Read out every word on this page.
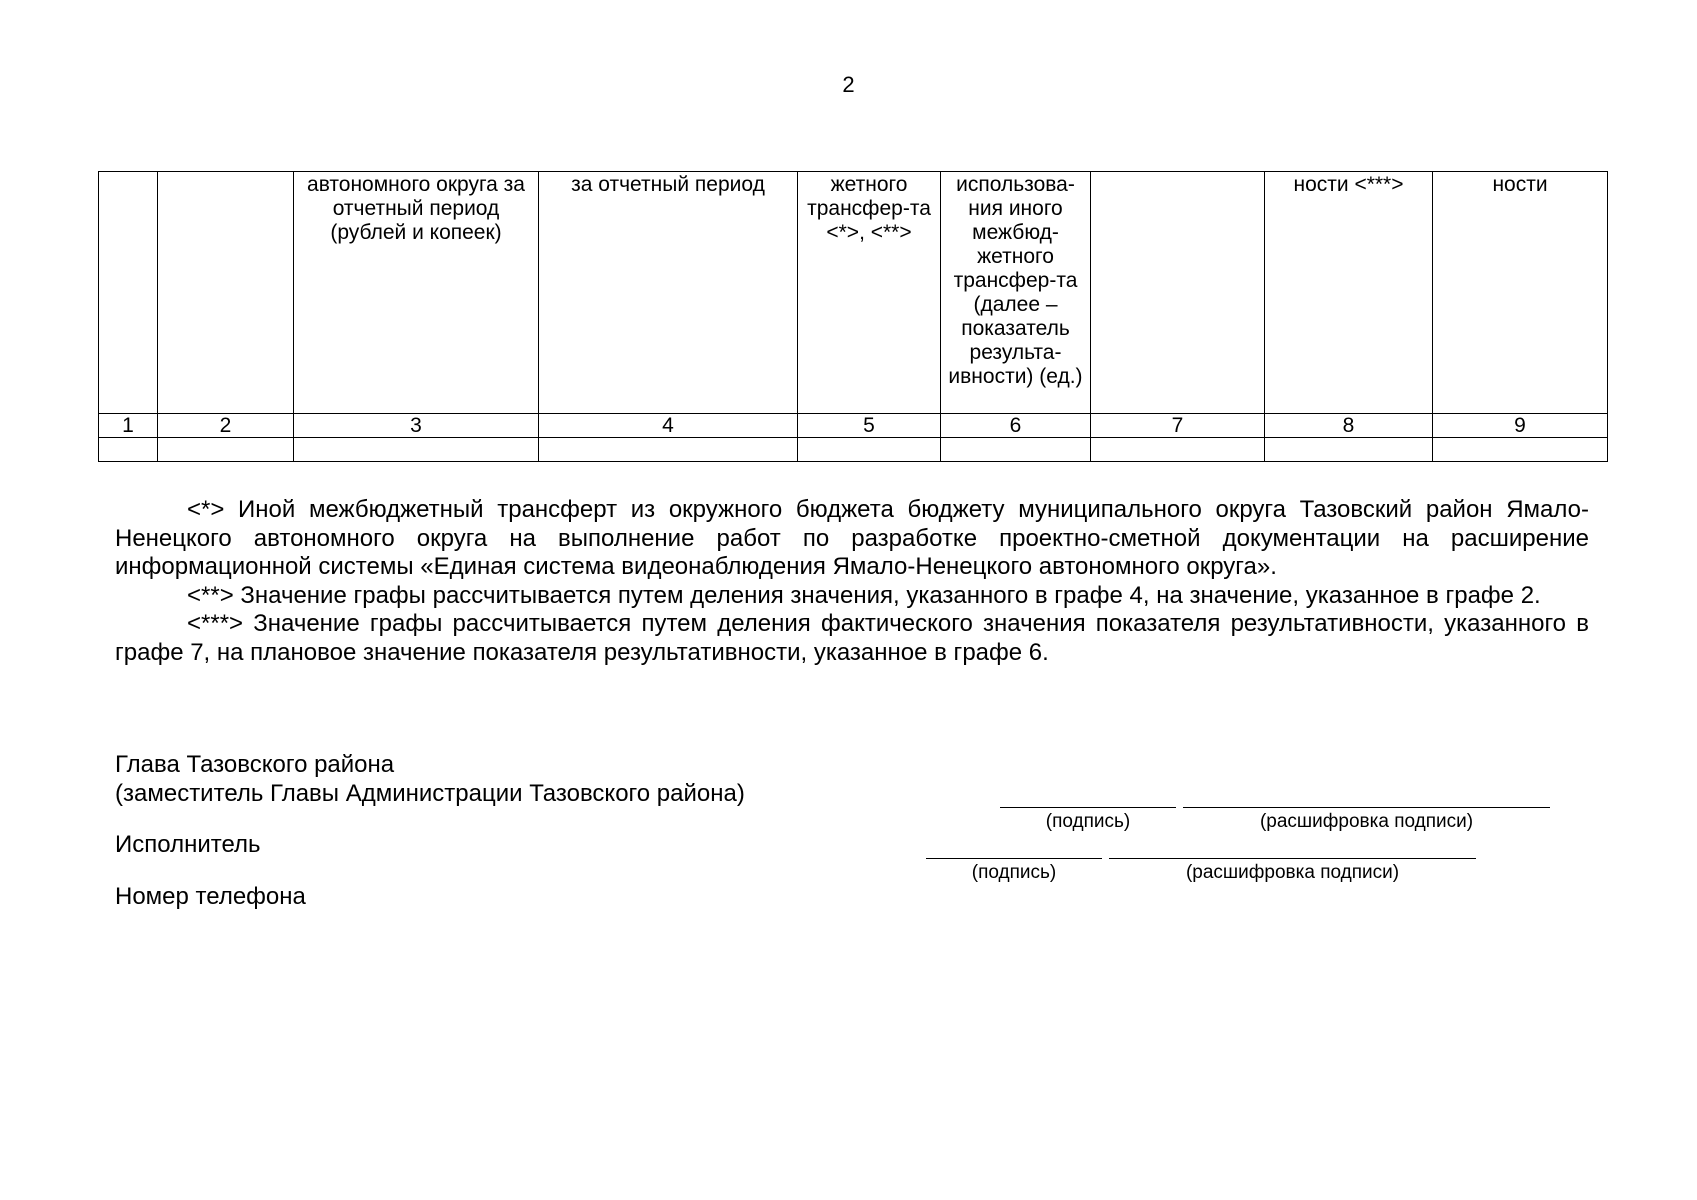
2
		автономного округа за отчетный период (рублей и копеек)	за отчетный период	жетного трансфер-та <*>, <**>	использова-ния иного межбюд-жетного трансфер-та (далее – показатель результа-ивности) (ед.)		ности <***>	ности
1	2	3	4	5	6	7	8	9

<*> Иной межбюджетный трансферт из окружного бюджета бюджету муниципального округа Тазовский район Ямало-Ненецкого автономного округа на выполнение работ по разработке проектно-сметной документации на расширение информационной системы «Единая система видеонаблюдения Ямало-Ненецкого автономного округа».

<**> Значение графы рассчитывается путем деления значения, указанного в графе 4, на значение, указанное в графе 2.

<***> Значение графы рассчитывается путем деления фактического значения показателя результативности, указанного в графе 7, на плановое значение показателя результативности, указанное в графе 6.

Глава Тазовского района
(заместитель Главы Администрации Тазовского района)
Исполнитель
Номер телефона
(подпись)	(расшифровка подписи)
(подпись)	(расшифровка подписи)
